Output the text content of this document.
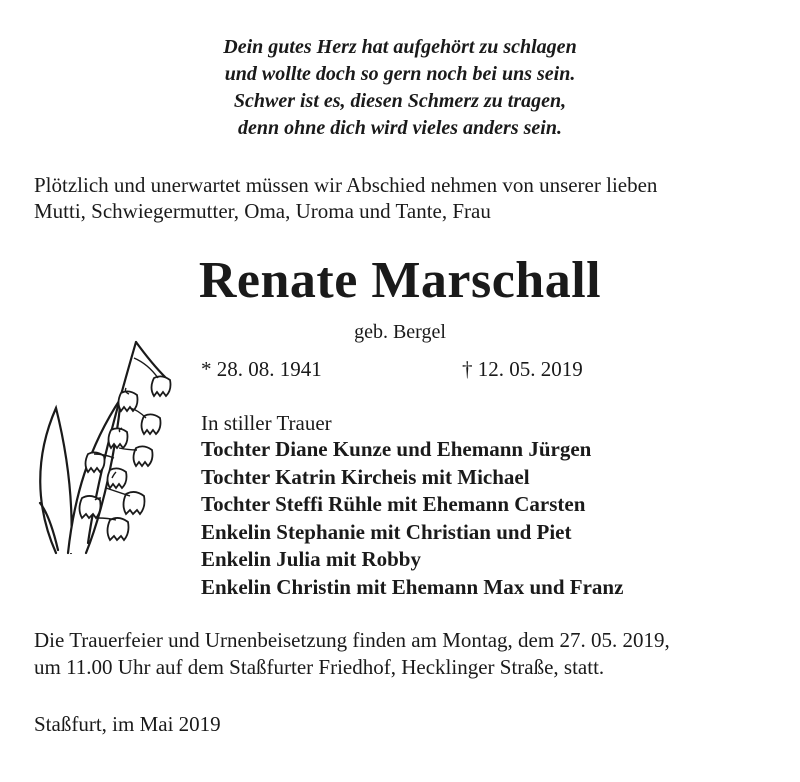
Dein gutes Herz hat aufgehört zu schlagen
und wollte doch so gern noch bei uns sein.
Schwer ist es, diesen Schmerz zu tragen,
denn ohne dich wird vieles anders sein.
Plötzlich und unerwartet müssen wir Abschied nehmen von unserer lieben
Mutti, Schwiegermutter, Oma, Uroma und Tante, Frau
Renate Marschall
geb. Bergel
* 28. 08. 1941	† 12. 05. 2019
In stiller Trauer
Tochter Diane Kunze und Ehemann Jürgen
Tochter Katrin Kircheis mit Michael
Tochter Steffi Rühle mit Ehemann Carsten
Enkelin Stephanie mit Christian und Piet
Enkelin Julia mit Robby
Enkelin Christin mit Ehemann Max und Franz
Die Trauerfeier und Urnenbeisetzung finden am Montag, dem 27. 05. 2019,
um 11.00 Uhr auf dem Staßfurter Friedhof, Hecklinger Straße, statt.
Staßfurt, im Mai 2019
